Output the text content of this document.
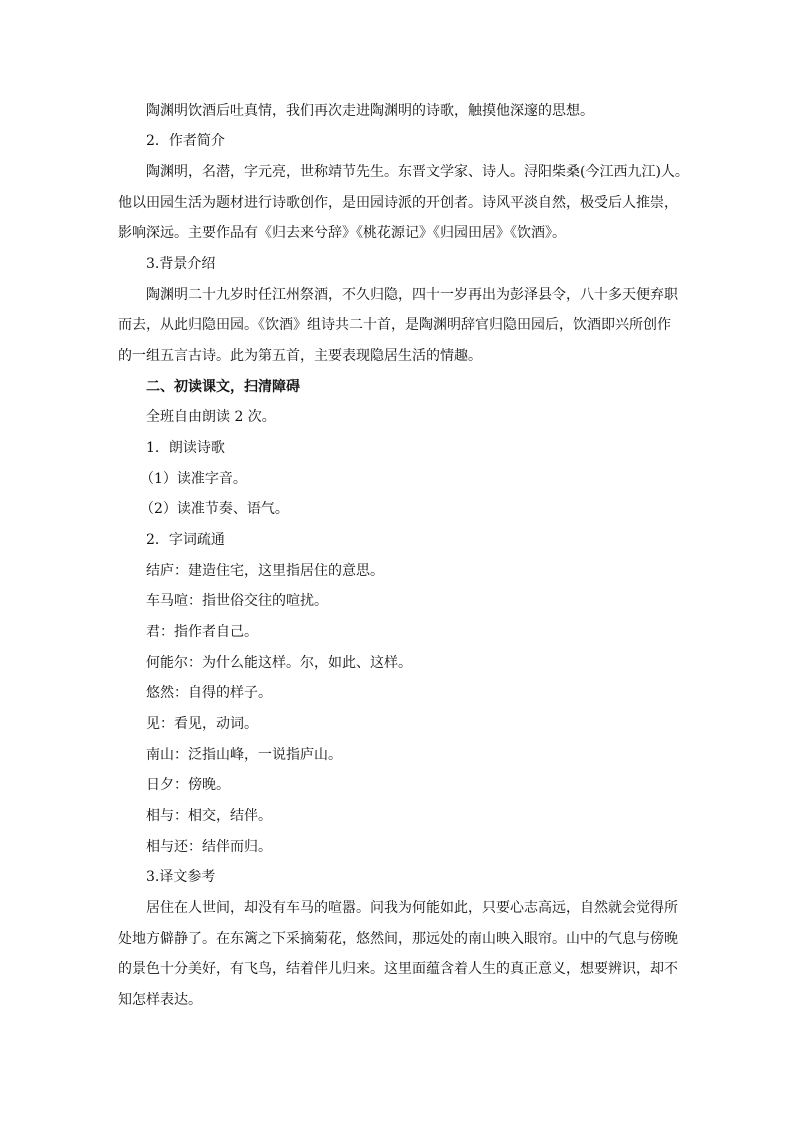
陶渊明饮酒后吐真情，我们再次走进陶渊明的诗歌，触摸他深邃的思想。
2．作者简介
陶渊明，名潜，字元亮，世称靖节先生。东晋文学家、诗人。浔阳柴桑(今江西九江)人。
他以田园生活为题材进行诗歌创作，是田园诗派的开创者。诗风平淡自然，极受后人推崇，
影响深远。主要作品有《归去来兮辞》《桃花源记》《归园田居》《饮酒》。
3.背景介绍
陶渊明二十九岁时任江州祭酒，不久归隐，四十一岁再出为彭泽县令，八十多天便弃职
而去，从此归隐田园。《饮酒》组诗共二十首，是陶渊明辞官归隐田园后，饮酒即兴所创作
的一组五言古诗。此为第五首，主要表现隐居生活的情趣。
二、初读课文，扫清障碍
全班自由朗读 2 次。
1．朗读诗歌
（1）读准字音。
（2）读准节奏、语气。
2．字词疏通
结庐：建造住宅，这里指居住的意思。
车马喧：指世俗交往的喧扰。
君：指作者自己。
何能尔：为什么能这样。尔，如此、这样。
悠然：自得的样子。
见：看见，动词。
南山：泛指山峰，一说指庐山。
日夕：傍晚。
相与：相交，结伴。
相与还：结伴而归。
3.译文参考
居住在人世间，却没有车马的喧嚣。问我为何能如此，只要心志高远，自然就会觉得所
处地方僻静了。在东篱之下采摘菊花，悠然间，那远处的南山映入眼帘。山中的气息与傍晚
的景色十分美好，有飞鸟，结着伴儿归来。这里面蕴含着人生的真正意义，想要辨识，却不
知怎样表达。
